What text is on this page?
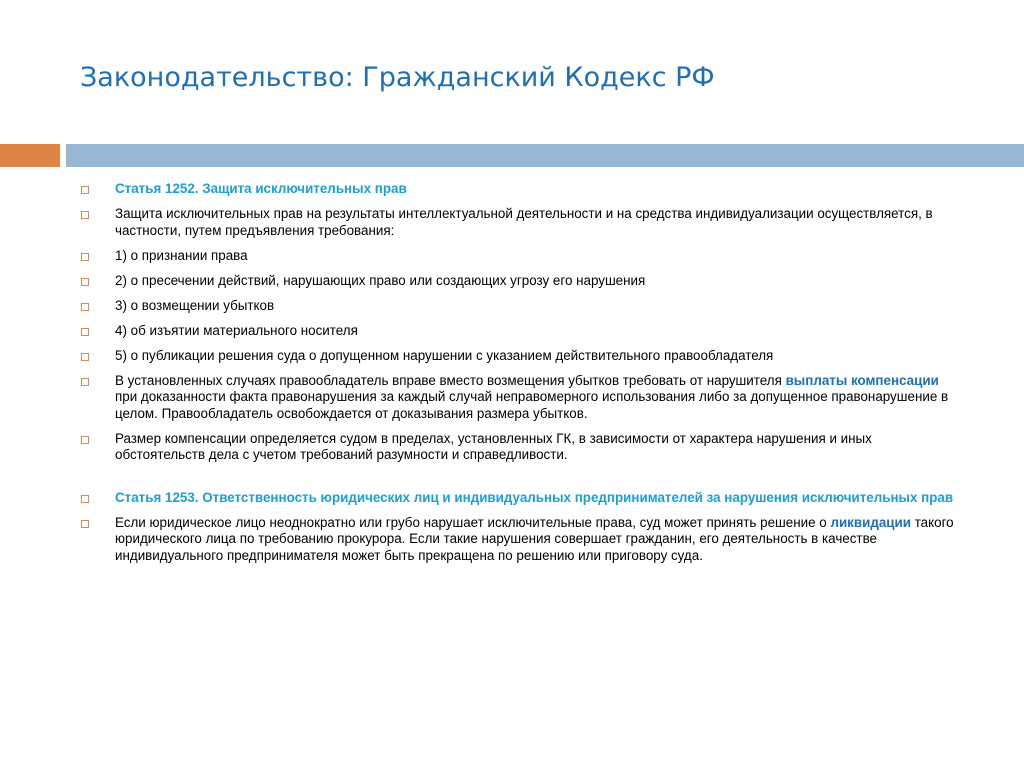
Законодательство: Гражданский Кодекс РФ
Статья 1252. Защита исключительных прав
Защита исключительных прав на результаты интеллектуальной деятельности и на средства индивидуализации осуществляется, в частности, путем предъявления требования:
1) о признании права
2) о пресечении действий, нарушающих право или создающих угрозу его нарушения
3) о возмещении убытков
4) об изъятии материального носителя
5) о публикации решения суда о допущенном нарушении с указанием действительного правообладателя
В установленных случаях правообладатель вправе вместо возмещения убытков требовать от нарушителя выплаты компенсации при доказанности факта правонарушения за каждый случай неправомерного использования либо за допущенное правонарушение в целом. Правообладатель освобождается от доказывания размера убытков.
Размер компенсации определяется судом в пределах, установленных ГК, в зависимости от характера нарушения и иных обстоятельств дела с учетом требований разумности и справедливости.
Статья 1253. Ответственность юридических лиц и индивидуальных предпринимателей за нарушения исключительных прав
Если юридическое лицо неоднократно или грубо нарушает исключительные права, суд может принять решение о ликвидации такого юридического лица по требованию прокурора. Если такие нарушения совершает гражданин, его деятельность в качестве индивидуального предпринимателя может быть прекращена по решению или приговору суда.
